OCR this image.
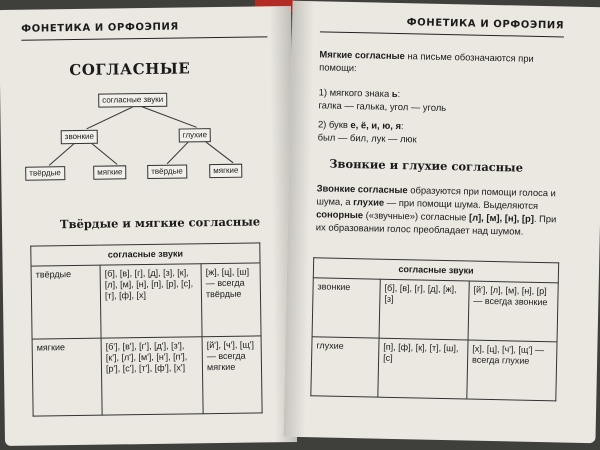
ФОНЕТИКА И ОРФОЭПИЯ
СОГЛАСНЫЕ
согласные звуки
звонкие	глухие
твёрдые	мягкие	твёрдые	мягкие
Твёрдые и мягкие согласные
согласные звуки		
твёрдые	[б], [в], [г], [д], [з], [к], [л], [м], [н], [п], [р], [с], [т], [ф], [х]	[ж], [ц], [ш] — всегда твёрдые
мягкие	[б'], [в'], [г'], [д'], [з'], [к'], [л'], [м'], [н'], [п'], [р'], [с'], [т'], [ф'], [х']	[й'], [ч'], [щ'] — всегда мягкие
ФОНЕТИКА И ОРФОЭПИЯ
Мягкие согласные на письме обозначаются при помощи:
1) мягкого знака ь:
галка — галька, угол — уголь
2) букв е, ё, и, ю, я:
был — бил, лук — люк
Звонкие и глухие согласные
Звонкие согласные образуются при помощи голоса и шума, а глухие — при помощи шума. Выделяются сонорные («звучные») согласные [л], [м], [н], [р]. При их образовании голос преобладает над шумом.
согласные звуки		
звонкие	[б], [в], [г], [д], [ж], [з]	[й'], [л], [м], [н], [р] — всегда звонкие
глухие	[п], [ф], [к], [т], [ш], [с]	[х], [ц], [ч'], [щ'] — всегда глухие
